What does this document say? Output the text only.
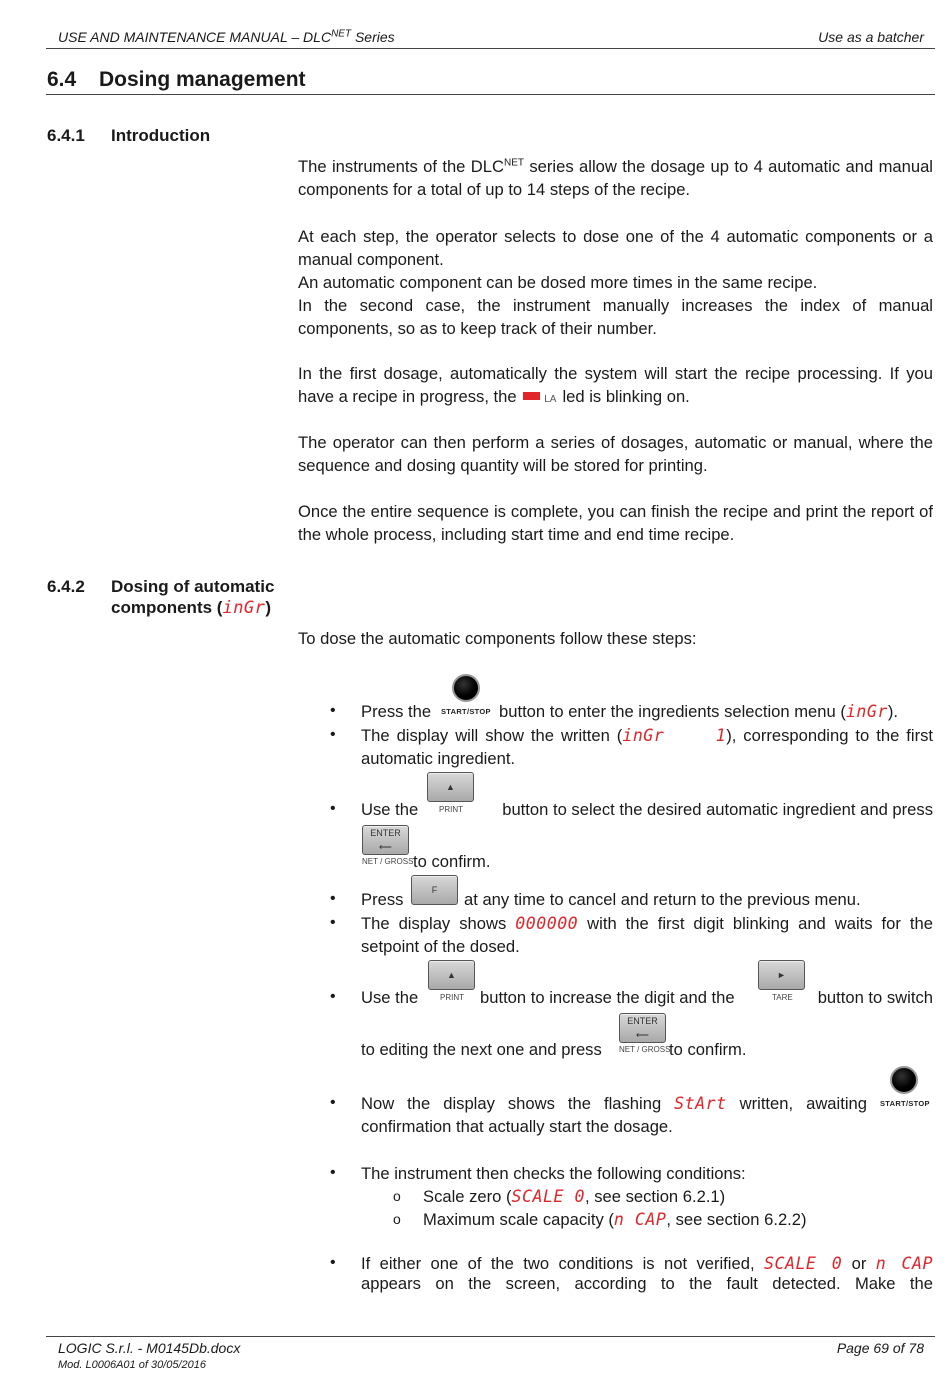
USE AND MAINTENANCE MANUAL – $DLC^{NET}$ Series	Use as a batcher
6.4 Dosing management
6.4.1 Introduction
The instruments of the $DLC^{NET}$ series allow the dosage up to 4 automatic and manual components for a total of up to 14 steps of the recipe.
At each step, the operator selects to dose one of the 4 automatic components or a manual component.
An automatic component can be dosed more times in the same recipe.
In the second case, the instrument manually increases the index of manual components, so as to keep track of their number.
In the first dosage, automatically the system will start the recipe processing. If you have a recipe in progress, the	LA led is blinking on.
The operator can then perform a series of dosages, automatic or manual, where the sequence and dosing quantity will be stored for printing.
Once the entire sequence is complete, you can finish the recipe and print the report of the whole process, including start time and end time recipe.
6.4.2 Dosing of automatic
components (inGr)
To dose the automatic components follow these steps:
• Press the START/STOP button to enter the ingredients selection menu (inGr).
• The display will show the written (inGr    1), corresponding to the first
automatic ingredient.
• Use the
▲
PRINT	button to select the desired automatic ingredient and press
ENTER
⟵
NET / GROSS to confirm.
• Press	F	at any time to cancel and return to the previous menu.
• The display shows 000000 with the first digit blinking and waits for the
setpoint of the dosed.
• Use the
▲
PRINT button to increase the digit and the
►
TARE	button to switch
to editing the next one and press
ENTER
⟵
NET / GROSS
to confirm.
• Now the display shows the flashing StArt written, awaiting START/STOP
confirmation that actually start the dosage.
• The instrument then checks the following conditions:
o Scale zero (SCALE 0, see section 6.2.1)
o Maximum scale capacity (n CAP, see section 6.2.2)
• If either one of the two conditions is not verified, SCALE 0 or n CAP
appears on the screen, according to the fault detected. Make the
LOGIC S.r.l. - M0145Db.docx	Page 69 of 78
Mod. L0006A01 of 30/05/2016
